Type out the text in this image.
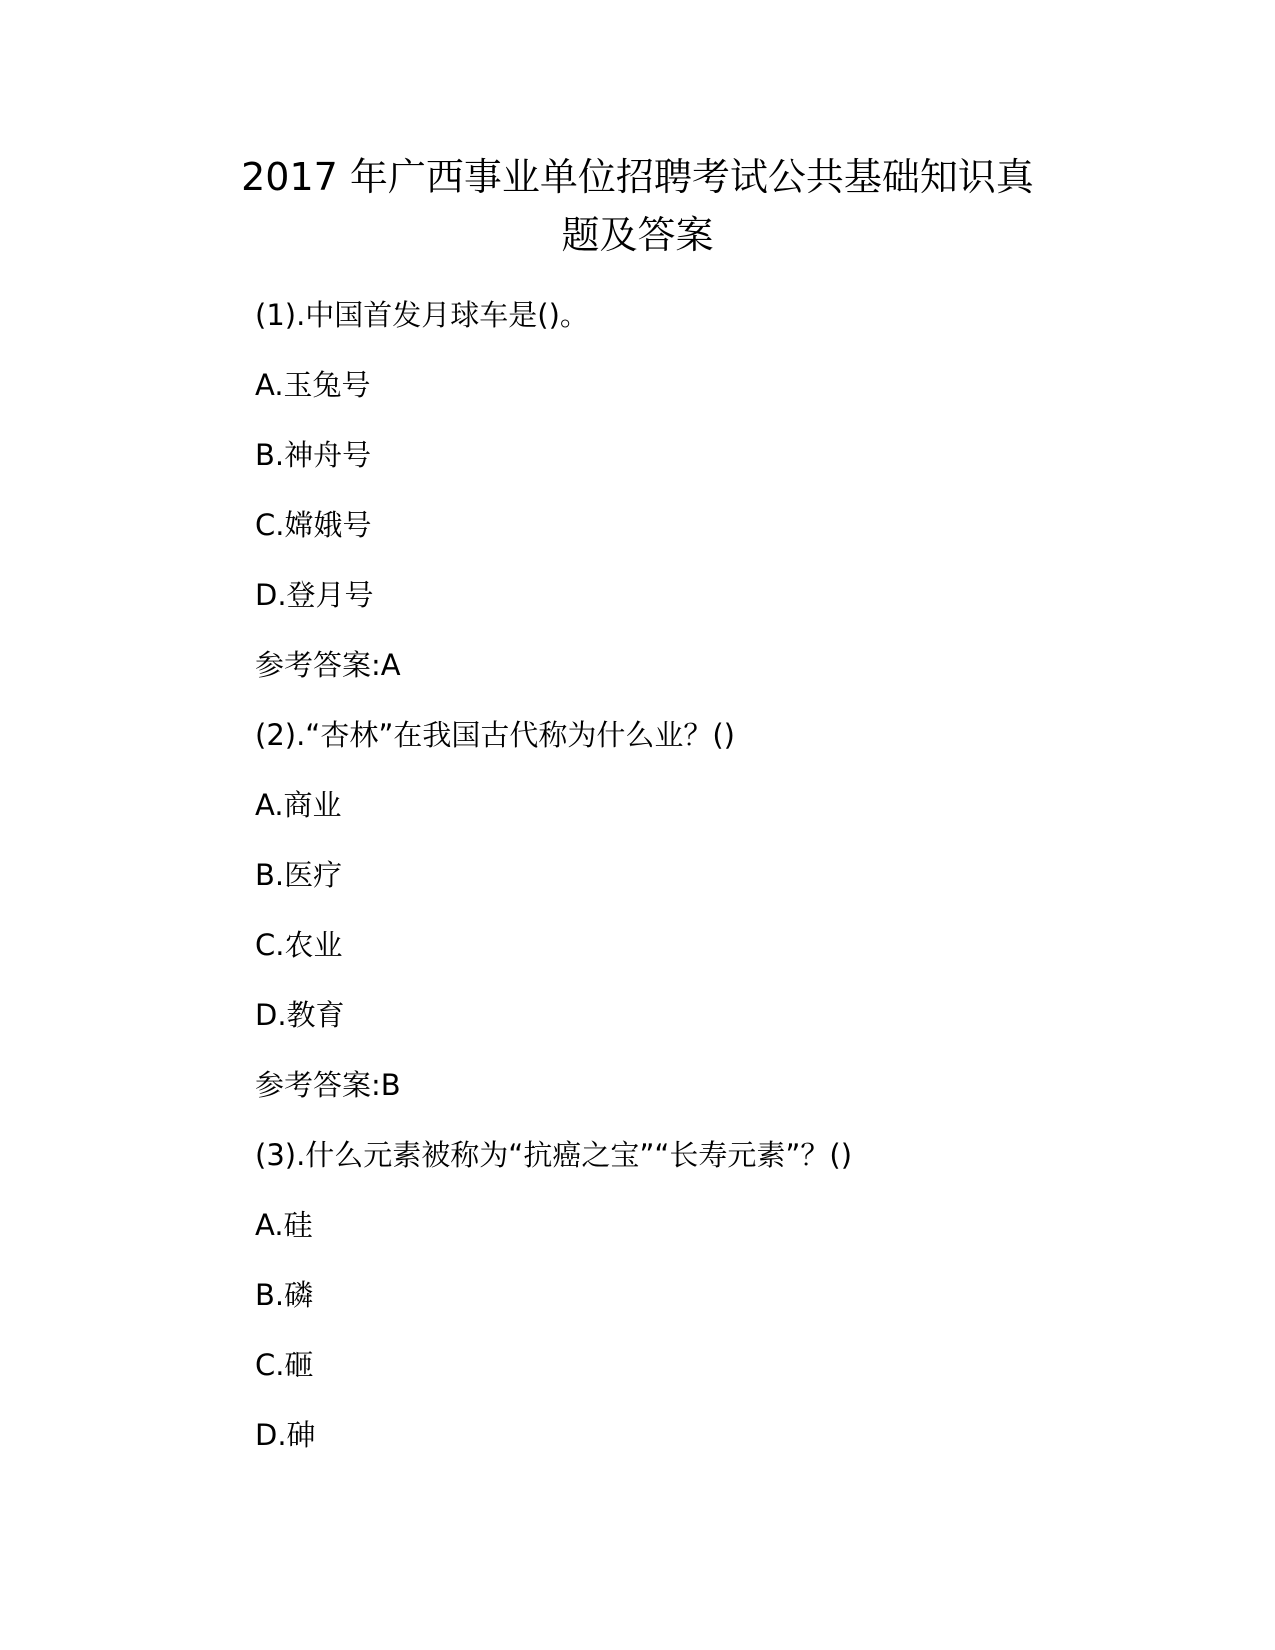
2017 年广西事业单位招聘考试公共基础知识真
题及答案

(1).中国首发月球车是()。

A.玉兔号

B.神舟号

C.嫦娥号

D.登月号

参考答案:A

(2).“杏林”在我国古代称为什么业？()

A.商业

B.医疗

C.农业

D.教育

参考答案:B

(3).什么元素被称为“抗癌之宝”“长寿元素”？()

A.硅

B.磷

C.砸

D.砷
